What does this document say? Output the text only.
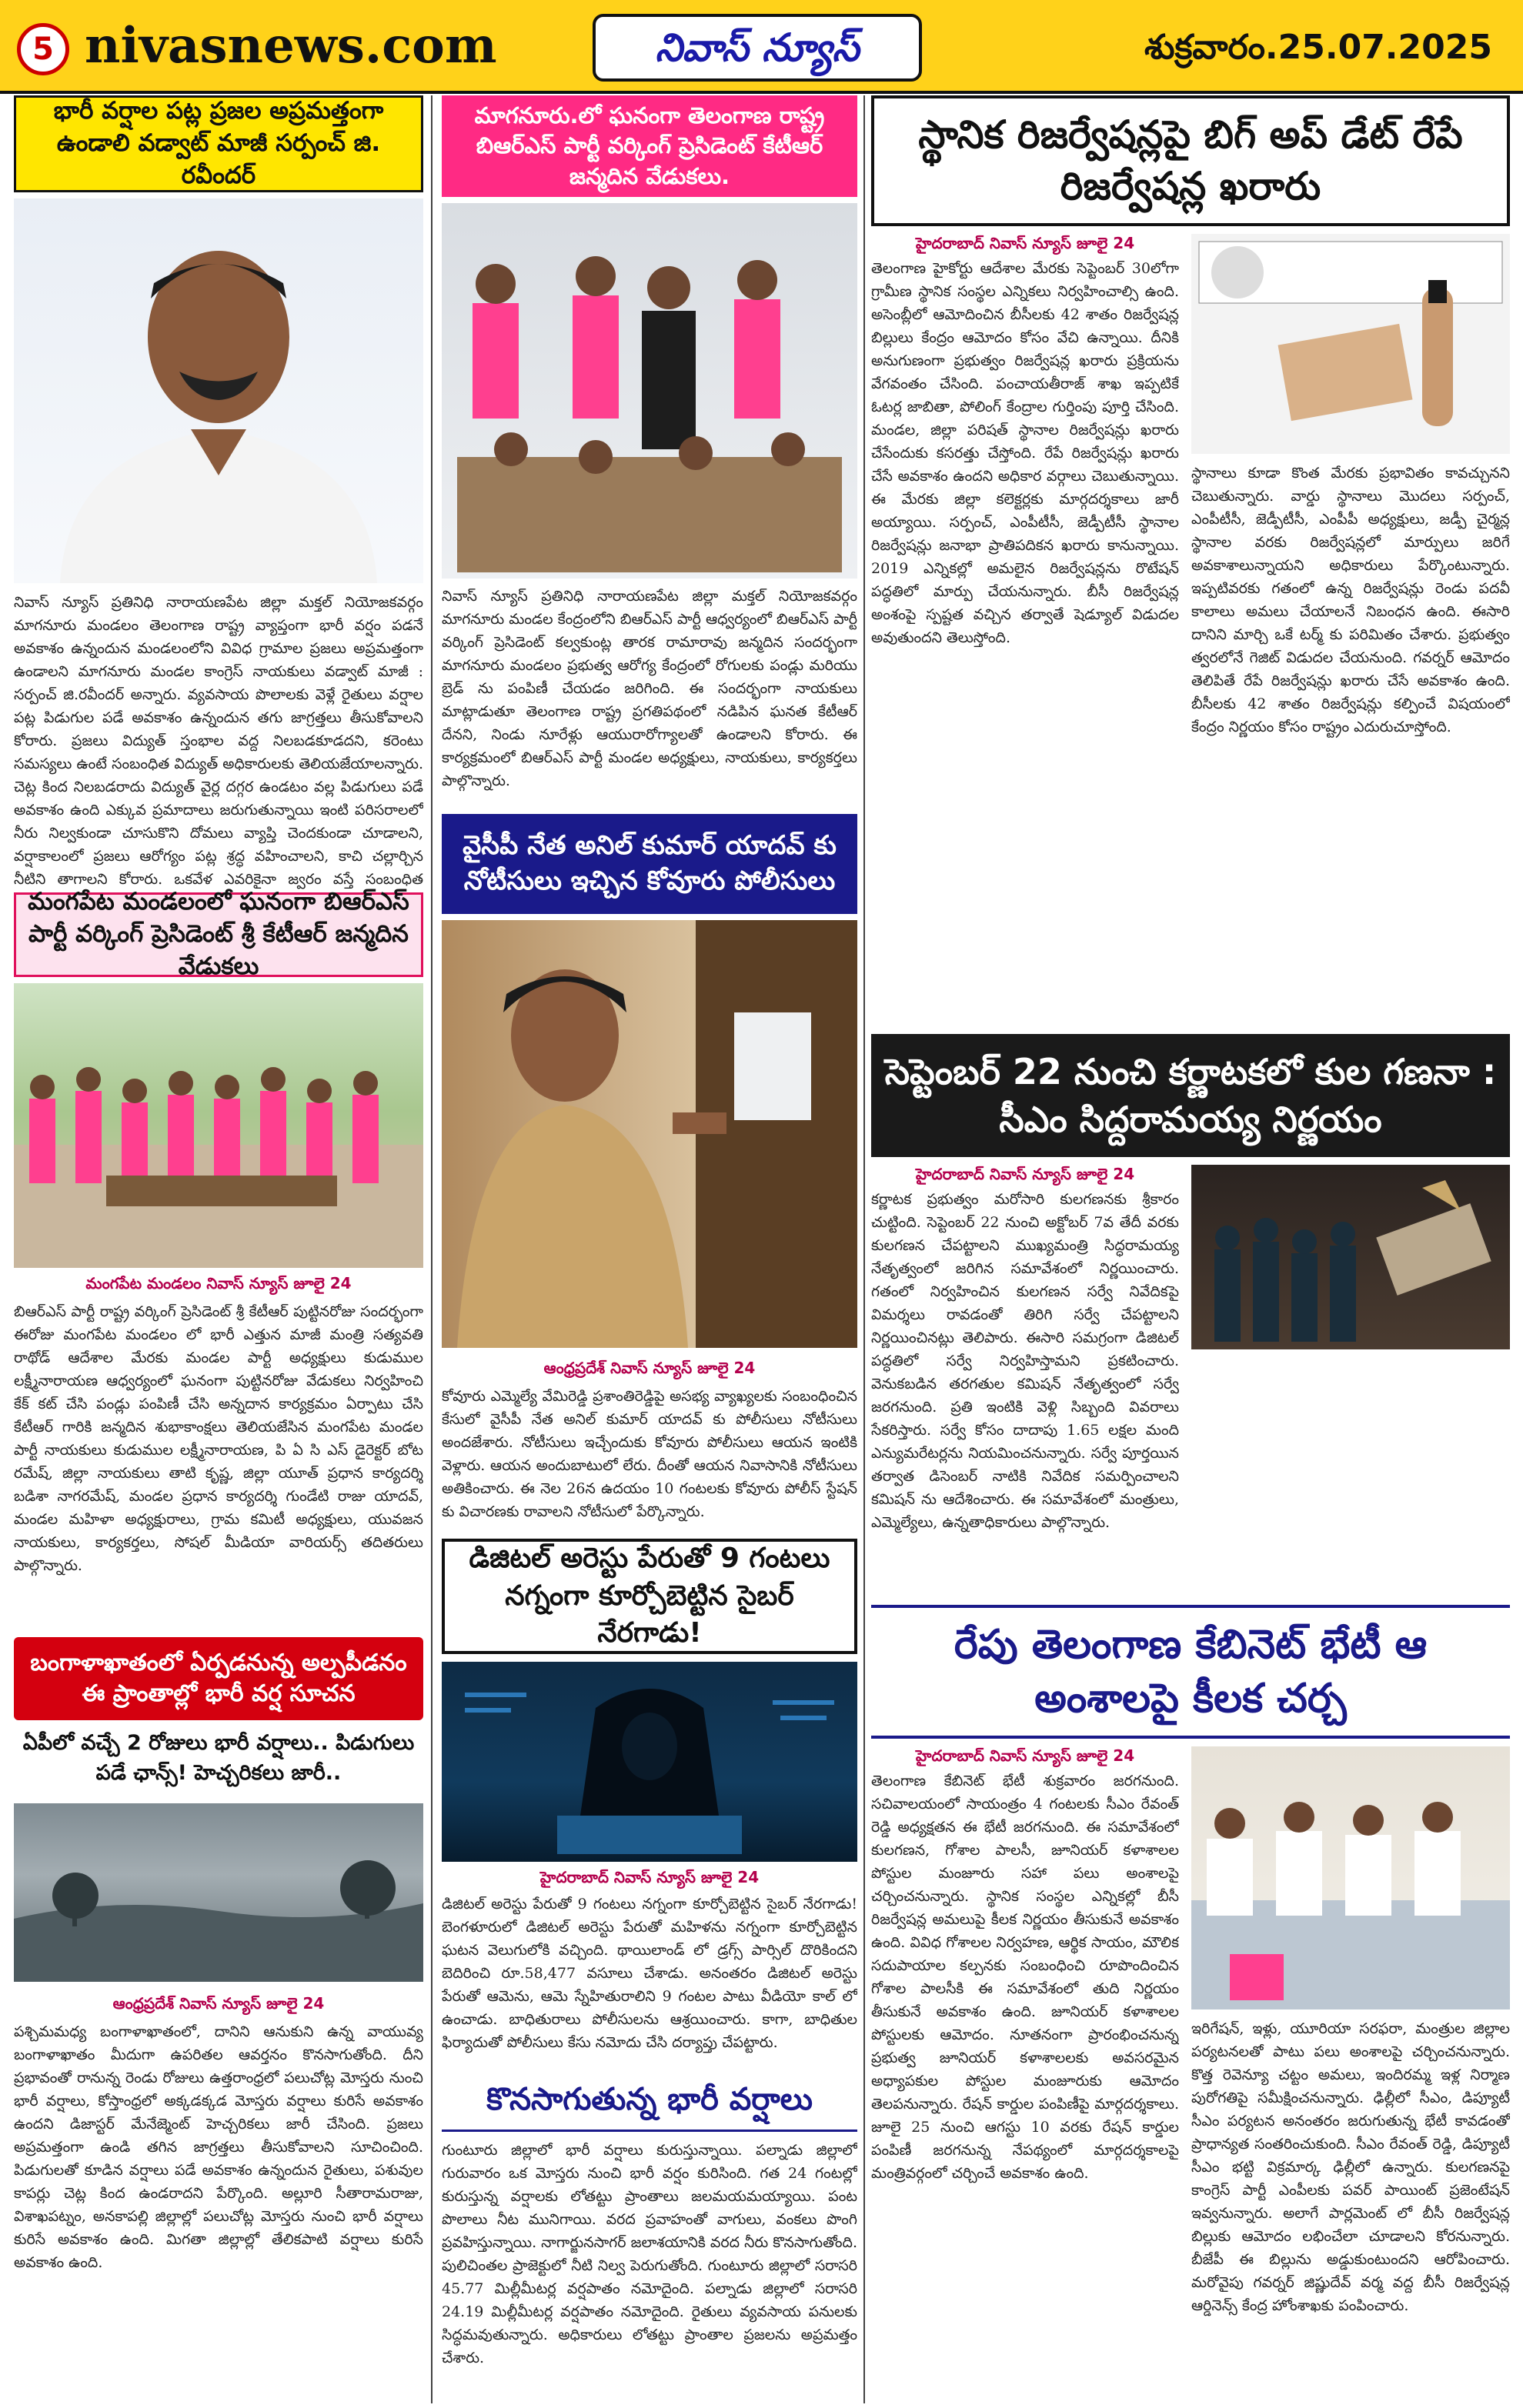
5 nivasnews.com	నివాస్ న్యూస్	శుక్రవారం.25.07.2025
భారీ వర్షాల పట్ల ప్రజల అప్రమత్తంగా ఉండాలి వడ్వాట్ మాజీ సర్పంచ్ జి. రవీందర్
నివాస్ న్యూస్ ప్రతినిధి నారాయణపేట జిల్లా మక్తల్ నియోజకవర్గం మాగనూరు మండలం తెలంగాణ రాష్ట్ర వ్యాప్తంగా భారీ వర్షం పడనే అవకాశం ఉన్నందున మండలంలోని వివిధ గ్రామాల ప్రజలు అప్రమత్తంగా ఉండాలని మాగనూరు మండల కాంగ్రెస్ నాయకులు వడ్వాట్ మాజీ : సర్పంచ్ జి.రవీందర్ అన్నారు. వ్యవసాయ పొలాలకు వెళ్లే రైతులు వర్షాల పట్ల పిడుగుల పడే అవకాశం ఉన్నందున తగు జాగ్రత్తలు తీసుకోవాలని కోరారు. ప్రజలు విద్యుత్ స్తంభాల వద్ద నిలబడకూడదని, కరెంటు సమస్యలు ఉంటే సంబంధిత విద్యుత్ అధికారులకు తెలియజేయాలన్నారు. చెట్ల కింద నిలబడరాదు విద్యుత్ వైర్ల దగ్గర ఉండటం వల్ల పిడుగులు పడే అవకాశం ఉంది ఎక్కువ ప్రమాదాలు జరుగుతున్నాయి ఇంటి పరిసరాలలో నీరు నిల్వకుండా చూసుకొని దోమలు వ్యాప్తి చెందకుండా చూడాలని, వర్షాకాలంలో ప్రజలు ఆరోగ్యం పట్ల శ్రద్ధ వహించాలని, కాచి చల్లార్చిన నీటిని తాగాలని కోరారు. ఒకవేళ ఎవరికైనా జ్వరం వస్తే సంబంధిత
మంగపేట మండలంలో ఘనంగా బిఆర్ఎస్ పార్టీ వర్కింగ్ ప్రెసిడెంట్ శ్రీ కేటీఆర్ జన్మదిన వేడుకలు
మంగపేట మండలం నివాస్ న్యూస్ జూలై 24
బిఆర్ఎస్ పార్టీ రాష్ట్ర వర్కింగ్ ప్రెసిడెంట్ శ్రీ కేటీఆర్ పుట్టినరోజు సందర్భంగా ఈరోజు మంగపేట మండలం లో భారీ ఎత్తున మాజీ మంత్రి సత్యవతి రాథోడ్ ఆదేశాల మేరకు మండల పార్టీ అధ్యక్షులు కుడుముల లక్ష్మీనారాయణ ఆధ్వర్యంలో ఘనంగా పుట్టినరోజు వేడుకలు నిర్వహించి కేక్ కట్ చేసి పండ్లు పంపిణీ చేసి అన్నదాన కార్యక్రమం ఏర్పాటు చేసి కేటీఆర్ గారికి జన్మదిన శుభాకాంక్షలు తెలియజేసిన మంగపేట మండల పార్టీ నాయకులు కుడుముల లక్ష్మీనారాయణ, పి ఏ సి ఎస్ డైరెక్టర్ బోట రమేష్, జిల్లా నాయకులు తాటి కృష్ణ, జిల్లా యూత్ ప్రధాన కార్యదర్శి బడిశా నాగరమేష్, మండల ప్రధాన కార్యదర్శి గుండేటి రాజు యాదవ్, మండల మహిళా అధ్యక్షురాలు, గ్రామ కమిటీ అధ్యక్షులు, యువజన నాయకులు, కార్యకర్తలు, సోషల్ మీడియా వారియర్స్ తదితరులు పాల్గొన్నారు.
బంగాళాఖాతంలో ఏర్పడనున్న అల్పపీడనం ఈ ప్రాంతాల్లో భారీ వర్ష సూచన
ఏపీలో వచ్చే 2 రోజులు భారీ వర్షాలు.. పిడుగులు పడే ఛాన్స్! హెచ్చరికలు జారీ..
ఆంధ్రప్రదేశ్ నివాస్ న్యూస్ జూలై 24
పశ్చిమమధ్య బంగాళాఖాతంలో, దానిని ఆనుకుని ఉన్న వాయువ్య బంగాళాఖాతం మీదుగా ఉపరితల ఆవర్తనం కొనసాగుతోంది. దీని ప్రభావంతో రానున్న రెండు రోజులు ఉత్తరాంధ్రలో పలుచోట్ల మోస్తరు నుంచి భారీ వర్షాలు, కోస్తాంధ్రలో అక్కడక్కడ మోస్తరు వర్షాలు కురిసే అవకాశం ఉందని డిజాస్టర్ మేనేజ్మెంట్ హెచ్చరికలు జారీ చేసింది. ప్రజలు అప్రమత్తంగా ఉండి తగిన జాగ్రత్తలు తీసుకోవాలని సూచించింది. పిడుగులతో కూడిన వర్షాలు పడే అవకాశం ఉన్నందున రైతులు, పశువుల కాపర్లు చెట్ల కింద ఉండరాదని పేర్కొంది. అల్లూరి సీతారామరాజు, విశాఖపట్నం, అనకాపల్లి జిల్లాల్లో పలుచోట్ల మోస్తరు నుంచి భారీ వర్షాలు కురిసే అవకాశం ఉంది. మిగతా జిల్లాల్లో తేలికపాటి వర్షాలు కురిసే అవకాశం ఉంది.
మాగనూరు.లో ఘనంగా తెలంగాణ రాష్ట్ర బిఆర్ఎస్ పార్టీ వర్కింగ్ ప్రెసిడెంట్ కేటీఆర్ జన్మదిన వేడుకలు.
నివాస్ న్యూస్ ప్రతినిధి నారాయణపేట జిల్లా మక్తల్ నియోజకవర్గం మాగనూరు మండల కేంద్రంలోని బిఆర్ఎస్ పార్టీ ఆధ్వర్యంలో బిఆర్ఎస్ పార్టీ వర్కింగ్ ప్రెసిడెంట్ కల్వకుంట్ల తారక రామారావు జన్మదిన సందర్భంగా మాగనూరు మండలం ప్రభుత్వ ఆరోగ్య కేంద్రంలో రోగులకు పండ్లు మరియు బ్రెడ్ ను పంపిణీ చేయడం జరిగింది. ఈ సందర్భంగా నాయకులు మాట్లాడుతూ తెలంగాణ రాష్ట్ర ప్రగతిపథంలో నడిపిన ఘనత కేటీఆర్ దేనని, నిండు నూరేళ్లు ఆయురారోగ్యాలతో ఉండాలని కోరారు. ఈ కార్యక్రమంలో బిఆర్ఎస్ పార్టీ మండల అధ్యక్షులు, నాయకులు, కార్యకర్తలు పాల్గొన్నారు.
వైసీపీ నేత అనిల్ కుమార్ యాదవ్ కు నోటీసులు ఇచ్చిన కోవూరు పోలీసులు
ఆంధ్రప్రదేశ్ నివాస్ న్యూస్ జూలై 24
కోవూరు ఎమ్మెల్యే వేమిరెడ్డి ప్రశాంతిరెడ్డిపై అసభ్య వ్యాఖ్యలకు సంబంధించిన కేసులో వైసీపీ నేత అనిల్ కుమార్ యాదవ్ కు పోలీసులు నోటీసులు అందజేశారు. నోటీసులు ఇచ్చేందుకు కోవూరు పోలీసులు ఆయన ఇంటికి వెళ్లారు. ఆయన అందుబాటులో లేరు. దీంతో ఆయన నివాసానికి నోటీసులు అతికించారు. ఈ నెల 26న ఉదయం 10 గంటలకు కోవూరు పోలీస్ స్టేషన్ కు విచారణకు రావాలని నోటీసులో పేర్కొన్నారు.
డిజిటల్ అరెస్టు పేరుతో 9 గంటలు నగ్నంగా కూర్చోబెట్టిన సైబర్ నేరగాడు!
హైదరాబాద్ నివాస్ న్యూస్ జూలై 24
డిజిటల్ అరెస్టు పేరుతో 9 గంటలు నగ్నంగా కూర్చోబెట్టిన సైబర్ నేరగాడు! బెంగళూరులో డిజిటల్ అరెస్టు పేరుతో మహిళను నగ్నంగా కూర్చోబెట్టిన ఘటన వెలుగులోకి వచ్చింది. థాయిలాండ్ లో డ్రగ్స్ పార్సిల్ దొరికిందని బెదిరించి రూ.58,477 వసూలు చేశాడు. అనంతరం డిజిటల్ అరెస్టు పేరుతో ఆమెను, ఆమె స్నేహితురాలిని 9 గంటల పాటు వీడియో కాల్ లో ఉంచాడు. బాధితురాలు పోలీసులను ఆశ్రయించారు. కాగా, బాధితుల ఫిర్యాదుతో పోలీసులు కేసు నమోదు చేసి దర్యాప్తు చేపట్టారు.
కొనసాగుతున్న భారీ వర్షాలు
గుంటూరు జిల్లాలో భారీ వర్షాలు కురుస్తున్నాయి. పల్నాడు జిల్లాలో గురువారం ఒక మోస్తరు నుంచి భారీ వర్షం కురిసింది. గత 24 గంటల్లో కురుస్తున్న వర్షాలకు లోతట్టు ప్రాంతాలు జలమయమయ్యాయి. పంట పొలాలు నీట మునిగాయి. వరద ప్రవాహంతో వాగులు, వంకలు పొంగి ప్రవహిస్తున్నాయి. నాగార్జునసాగర్ జలాశయానికి వరద నీరు కొనసాగుతోంది. పులిచింతల ప్రాజెక్టులో నీటి నిల్వ పెరుగుతోంది. గుంటూరు జిల్లాలో సరాసరి 45.77 మిల్లీమీటర్ల వర్షపాతం నమోదైంది. పల్నాడు జిల్లాలో సరాసరి 24.19 మిల్లీమీటర్ల వర్షపాతం నమోదైంది. రైతులు వ్యవసాయ పనులకు సిద్ధమవుతున్నారు. అధికారులు లోతట్టు ప్రాంతాల ప్రజలను అప్రమత్తం చేశారు.
స్థానిక రిజర్వేషన్లపై బిగ్ అప్ డేట్ రేపే రిజర్వేషన్ల ఖరారు
హైదరాబాద్ నివాస్ న్యూస్ జూలై 24
తెలంగాణ హైకోర్టు ఆదేశాల మేరకు సెప్టెంబర్ 30లోగా గ్రామీణ స్థానిక సంస్థల ఎన్నికలు నిర్వహించాల్సి ఉంది. అసెంబ్లీలో ఆమోదించిన బీసీలకు 42 శాతం రిజర్వేషన్ల బిల్లులు కేంద్రం ఆమోదం కోసం వేచి ఉన్నాయి. దీనికి అనుగుణంగా ప్రభుత్వం రిజర్వేషన్ల ఖరారు ప్రక్రియను వేగవంతం చేసింది. పంచాయతీరాజ్ శాఖ ఇప్పటికే ఓటర్ల జాబితా, పోలింగ్ కేంద్రాల గుర్తింపు పూర్తి చేసింది. మండల, జిల్లా పరిషత్ స్థానాల రిజర్వేషన్లు ఖరారు చేసేందుకు కసరత్తు చేస్తోంది. రేపే రిజర్వేషన్లు ఖరారు చేసే అవకాశం ఉందని అధికార వర్గాలు చెబుతున్నాయి. ఈ మేరకు జిల్లా కలెక్టర్లకు మార్గదర్శకాలు జారీ అయ్యాయి. సర్పంచ్, ఎంపీటీసీ, జెడ్పీటీసీ స్థానాల రిజర్వేషన్లు జనాభా ప్రాతిపదికన ఖరారు కానున్నాయి. 2019 ఎన్నికల్లో అమలైన రిజర్వేషన్లను రొటేషన్ పద్ధతిలో మార్పు చేయనున్నారు. బీసీ రిజర్వేషన్ల అంశంపై స్పష్టత వచ్చిన తర్వాతే షెడ్యూల్ విడుదల అవుతుందని తెలుస్తోంది.
స్థానాలు కూడా కొంత మేరకు ప్రభావితం కావచ్చునని చెబుతున్నారు. వార్డు స్థానాలు మొదలు సర్పంచ్, ఎంపీటీసీ, జెడ్పీటీసీ, ఎంపీపీ అధ్యక్షులు, జడ్పీ చైర్మన్ల స్థానాల వరకు రిజర్వేషన్లలో మార్పులు జరిగే అవకాశాలున్నాయని అధికారులు పేర్కొంటున్నారు. ఇప్పటివరకు గతంలో ఉన్న రిజర్వేషన్లు రెండు పదవీ కాలాలు అమలు చేయాలనే నిబంధన ఉంది. ఈసారి దానిని మార్చి ఒకే టర్మ్ కు పరిమితం చేశారు. ప్రభుత్వం త్వరలోనే గెజిట్ విడుదల చేయనుంది. గవర్నర్ ఆమోదం తెలిపితే రేపే రిజర్వేషన్లు ఖరారు చేసే అవకాశం ఉంది. బీసీలకు 42 శాతం రిజర్వేషన్లు కల్పించే విషయంలో కేంద్రం నిర్ణయం కోసం రాష్ట్రం ఎదురుచూస్తోంది.
సెప్టెంబర్ 22 నుంచి కర్ణాటకలో కుల గణనా : సీఎం సిద్దరామయ్య నిర్ణయం
హైదరాబాద్ నివాస్ న్యూస్ జూలై 24
కర్ణాటక ప్రభుత్వం మరోసారి కులగణనకు శ్రీకారం చుట్టింది. సెప్టెంబర్ 22 నుంచి అక్టోబర్ 7వ తేదీ వరకు కులగణన చేపట్టాలని ముఖ్యమంత్రి సిద్ధరామయ్య నేతృత్వంలో జరిగిన సమావేశంలో నిర్ణయించారు. గతంలో నిర్వహించిన కులగణన సర్వే నివేదికపై విమర్శలు రావడంతో తిరిగి సర్వే చేపట్టాలని నిర్ణయించినట్లు తెలిపారు. ఈసారి సమగ్రంగా డిజిటల్ పద్ధతిలో సర్వే నిర్వహిస్తామని ప్రకటించారు. వెనుకబడిన తరగతుల కమిషన్ నేతృత్వంలో సర్వే జరగనుంది. ప్రతి ఇంటికి వెళ్లి సిబ్బంది వివరాలు సేకరిస్తారు. సర్వే కోసం దాదాపు 1.65 లక్షల మంది ఎన్యుమరేటర్లను నియమించనున్నారు. సర్వే పూర్తయిన తర్వాత డిసెంబర్ నాటికి నివేదిక సమర్పించాలని కమిషన్ ను ఆదేశించారు. ఈ సమావేశంలో మంత్రులు, ఎమ్మెల్యేలు, ఉన్నతాధికారులు పాల్గొన్నారు.
రేపు తెలంగాణ కేబినెట్ భేటీ ఆ అంశాలపై కీలక చర్చ
హైదరాబాద్ నివాస్ న్యూస్ జూలై 24
తెలంగాణ కేబినెట్ భేటీ శుక్రవారం జరగనుంది. సచివాలయంలో సాయంత్రం 4 గంటలకు సీఎం రేవంత్ రెడ్డి అధ్యక్షతన ఈ భేటీ జరగనుంది. ఈ సమావేశంలో కులగణన, గోశాల పాలసీ, జూనియర్ కళాశాలల పోస్టుల మంజూరు సహా పలు అంశాలపై చర్చించనున్నారు. స్థానిక సంస్థల ఎన్నికల్లో బీసీ రిజర్వేషన్ల అమలుపై కీలక నిర్ణయం తీసుకునే అవకాశం ఉంది. వివిధ గోశాలల నిర్వహణ, ఆర్థిక సాయం, మౌలిక సదుపాయాల కల్పనకు సంబంధించి రూపొందించిన గోశాల పాలసీకి ఈ సమావేశంలో తుది నిర్ణయం తీసుకునే అవకాశం ఉంది. జూనియర్ కళాశాలల పోస్టులకు ఆమోదం. నూతనంగా ప్రారంభించనున్న ప్రభుత్వ జూనియర్ కళాశాలలకు అవసరమైన అధ్యాపకుల పోస్టుల మంజూరుకు ఆమోదం తెలపనున్నారు. రేషన్ కార్డుల పంపిణీపై మార్గదర్శకాలు. జూలై 25 నుంచి ఆగస్టు 10 వరకు రేషన్ కార్డుల పంపిణీ జరగనున్న నేపథ్యంలో మార్గదర్శకాలపై మంత్రివర్గంలో చర్చించే అవకాశం ఉంది.
ఇరిగేషన్, ఇళ్లు, యూరియా సరఫరా, మంత్రుల జిల్లాల పర్యటనలతో పాటు పలు అంశాలపై చర్చించనున్నారు. కొత్త రెవెన్యూ చట్టం అమలు, ఇందిరమ్మ ఇళ్ల నిర్మాణ పురోగతిపై సమీక్షించనున్నారు. ఢిల్లీలో సీఎం, డిప్యూటీ సీఎం పర్యటన అనంతరం జరుగుతున్న భేటీ కావడంతో ప్రాధాన్యత సంతరించుకుంది. సీఎం రేవంత్ రెడ్డి, డిప్యూటీ సీఎం భట్టి విక్రమార్క ఢిల్లీలో ఉన్నారు. కులగణనపై కాంగ్రెస్ పార్టీ ఎంపీలకు పవర్ పాయింట్ ప్రజెంటేషన్ ఇవ్వనున్నారు. అలాగే పార్లమెంట్ లో బీసీ రిజర్వేషన్ల బిల్లుకు ఆమోదం లభించేలా చూడాలని కోరనున్నారు. బీజేపీ ఈ బిల్లును అడ్డుకుంటుందని ఆరోపించారు. మరోవైపు గవర్నర్ జిష్ణుదేవ్ వర్మ వద్ద బీసీ రిజర్వేషన్ల ఆర్డినెన్స్ కేంద్ర హోంశాఖకు పంపించారు.
